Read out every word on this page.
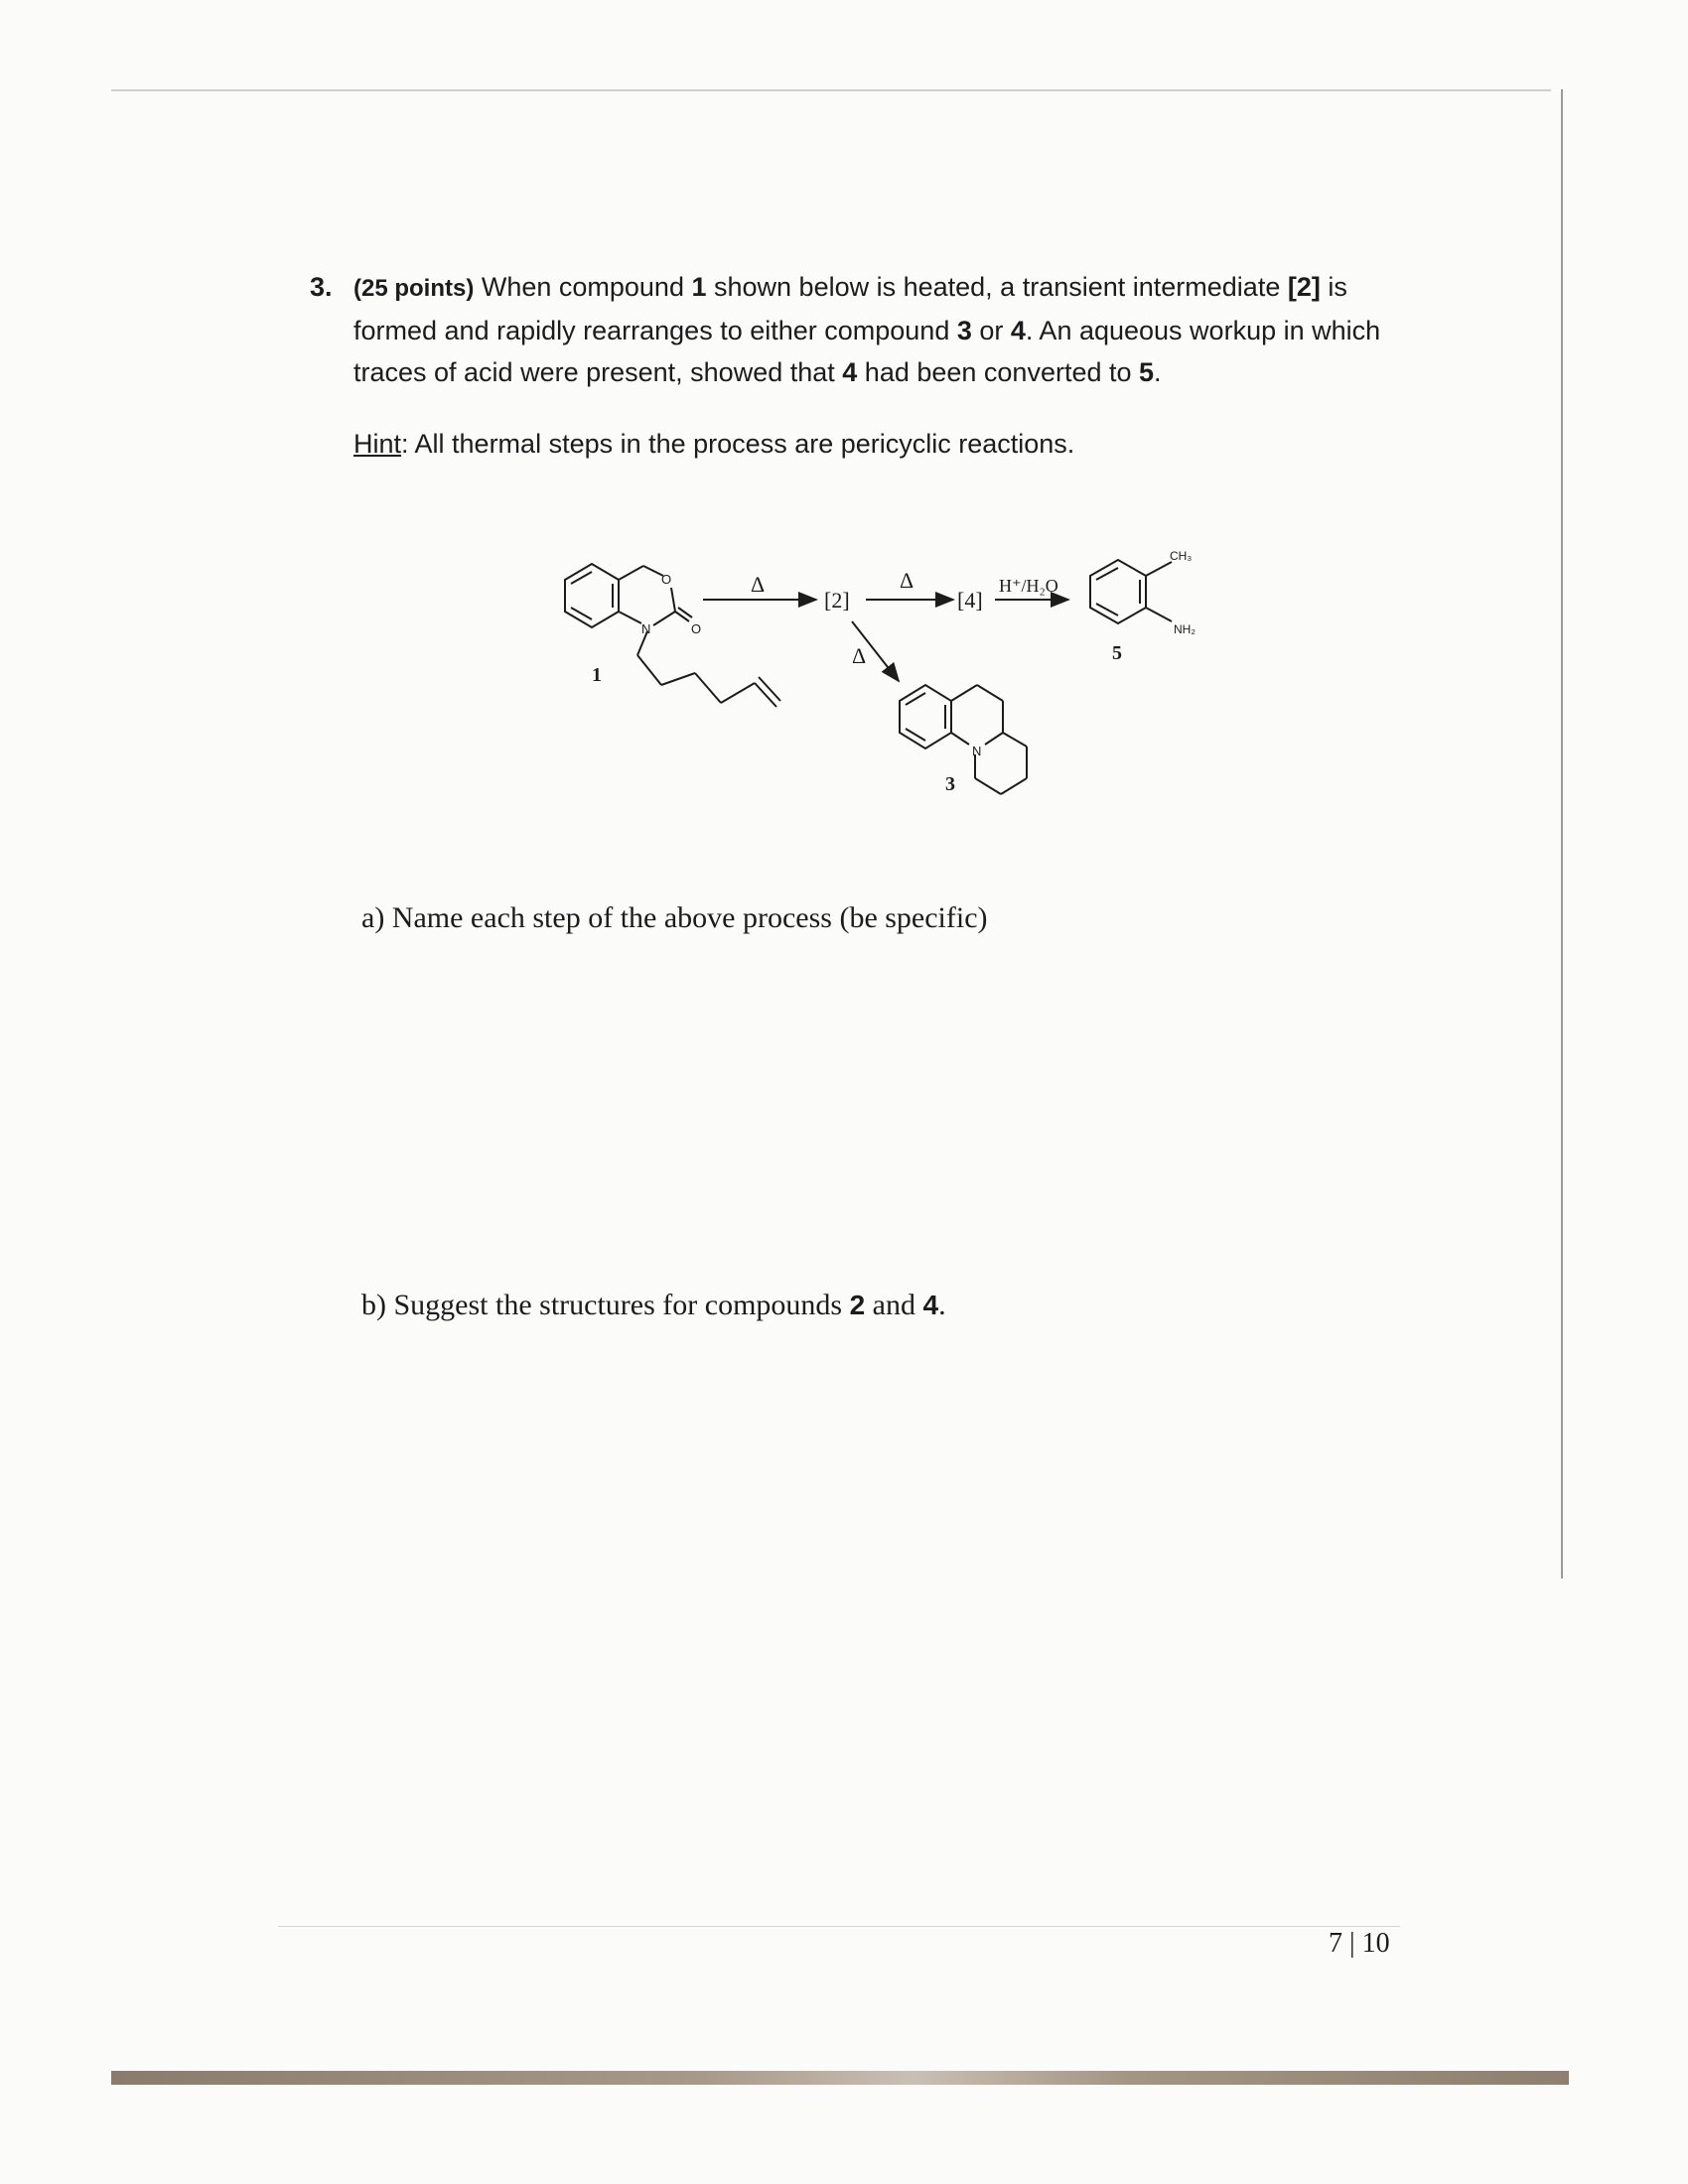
3. (25 points) When compound 1 shown below is heated, a transient intermediate [2] is formed and rapidly rearranges to either compound 3 or 4. An aqueous workup in which traces of acid were present, showed that 4 had been converted to 5.
Hint: All thermal steps in the process are pericyclic reactions.
O
O
N
1
Δ
[2]
Δ
[4]
H⁺/H₂O
Δ
CH₃
NH₂
5
N
3
a) Name each step of the above process (be specific)
b) Suggest the structures for compounds 2 and 4.
7 | 10
